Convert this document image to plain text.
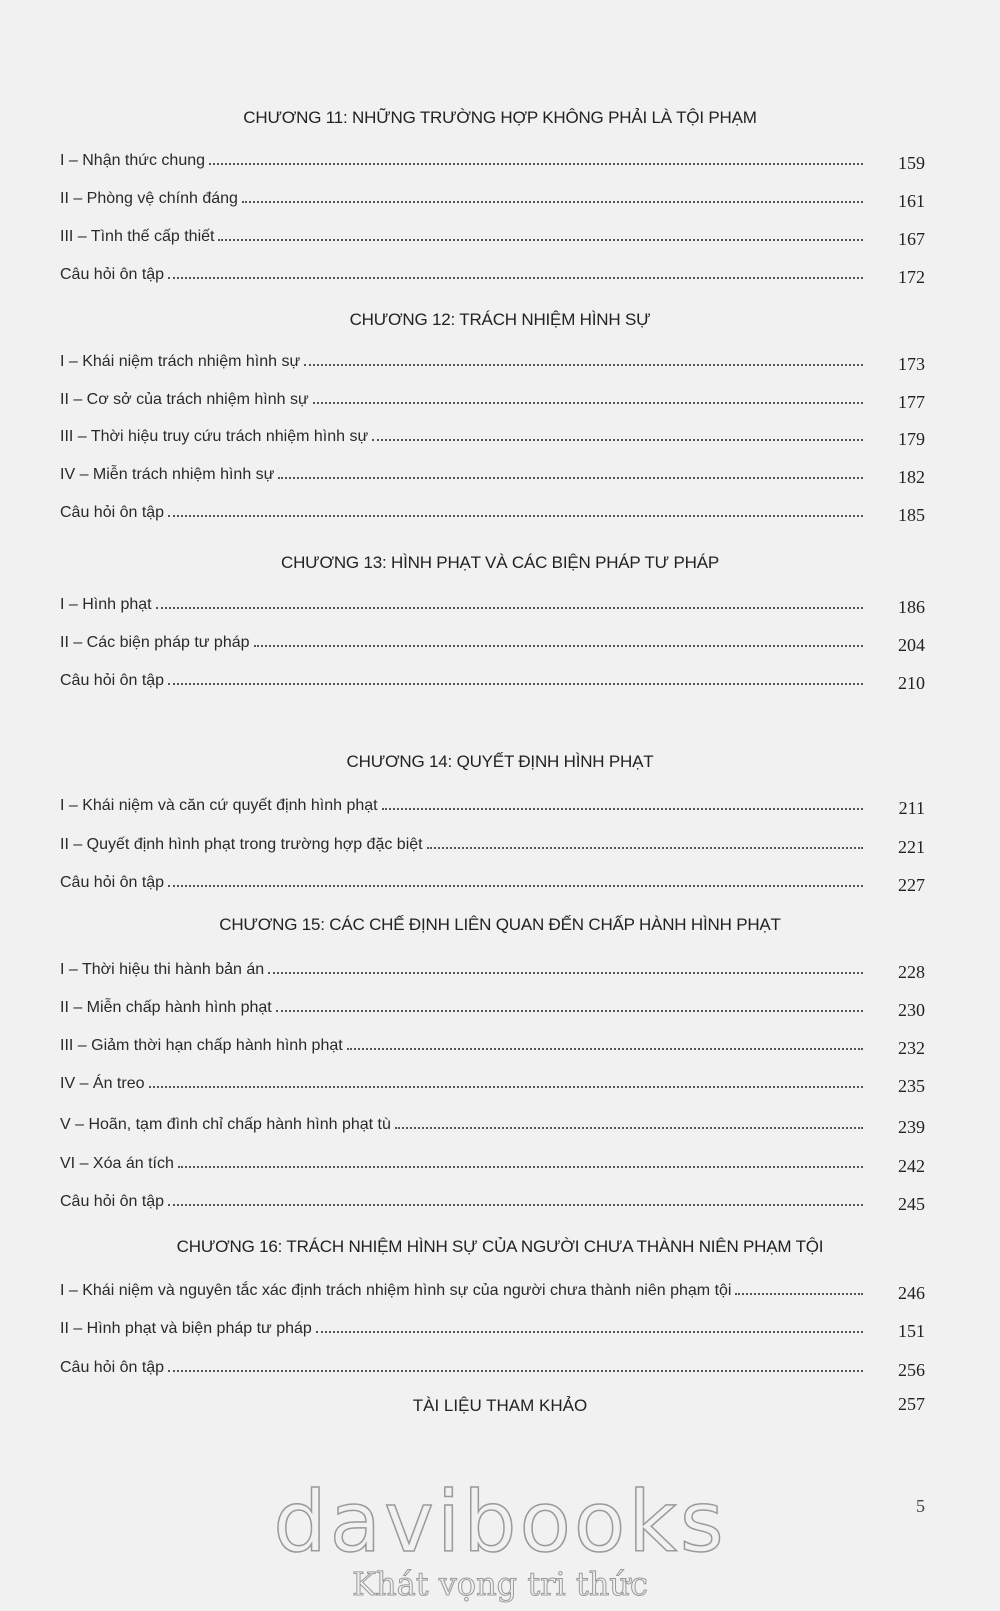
CHƯƠNG 11: NHỮNG TRƯỜNG HỢP KHÔNG PHẢI LÀ TỘI PHẠM
I – Nhận thức chung	159
II – Phòng vệ chính đáng	161
III – Tình thế cấp thiết	167
Câu hỏi ôn tập	172
CHƯƠNG 12: TRÁCH NHIỆM HÌNH SỰ
I – Khái niệm trách nhiệm hình sự	173
II – Cơ sở của trách nhiệm hình sự	177
III – Thời hiệu truy cứu trách nhiệm hình sự	179
IV – Miễn trách nhiệm hình sự	182
Câu hỏi ôn tập	185
CHƯƠNG 13: HÌNH PHẠT VÀ CÁC BIỆN PHÁP TƯ PHÁP
I – Hình phạt	186
II – Các biện pháp tư pháp	204
Câu hỏi ôn tập	210
CHƯƠNG 14: QUYẾT ĐỊNH HÌNH PHẠT
I – Khái niệm và căn cứ quyết định hình phạt	211
II – Quyết định hình phạt trong trường hợp đặc biệt	221
Câu hỏi ôn tập	227
CHƯƠNG 15: CÁC CHẾ ĐỊNH LIÊN QUAN ĐẾN CHẤP HÀNH HÌNH PHẠT
I – Thời hiệu thi hành bản án	228
II – Miễn chấp hành hình phạt	230
III – Giảm thời hạn chấp hành hình phạt	232
IV – Án treo	235
V – Hoãn, tạm đình chỉ chấp hành hình phạt tù	239
VI – Xóa án tích	242
Câu hỏi ôn tập	245
CHƯƠNG 16: TRÁCH NHIỆM HÌNH SỰ CỦA NGƯỜI CHƯA THÀNH NIÊN PHẠM TỘI
I – Khái niệm và nguyên tắc xác định trách nhiệm hình sự của người chưa thành niên phạm tội	246
II – Hình phạt và biện pháp tư pháp	151
Câu hỏi ôn tập	256
TÀI LIỆU THAM KHẢO	257
5
davibooks
Khát vọng tri thức
